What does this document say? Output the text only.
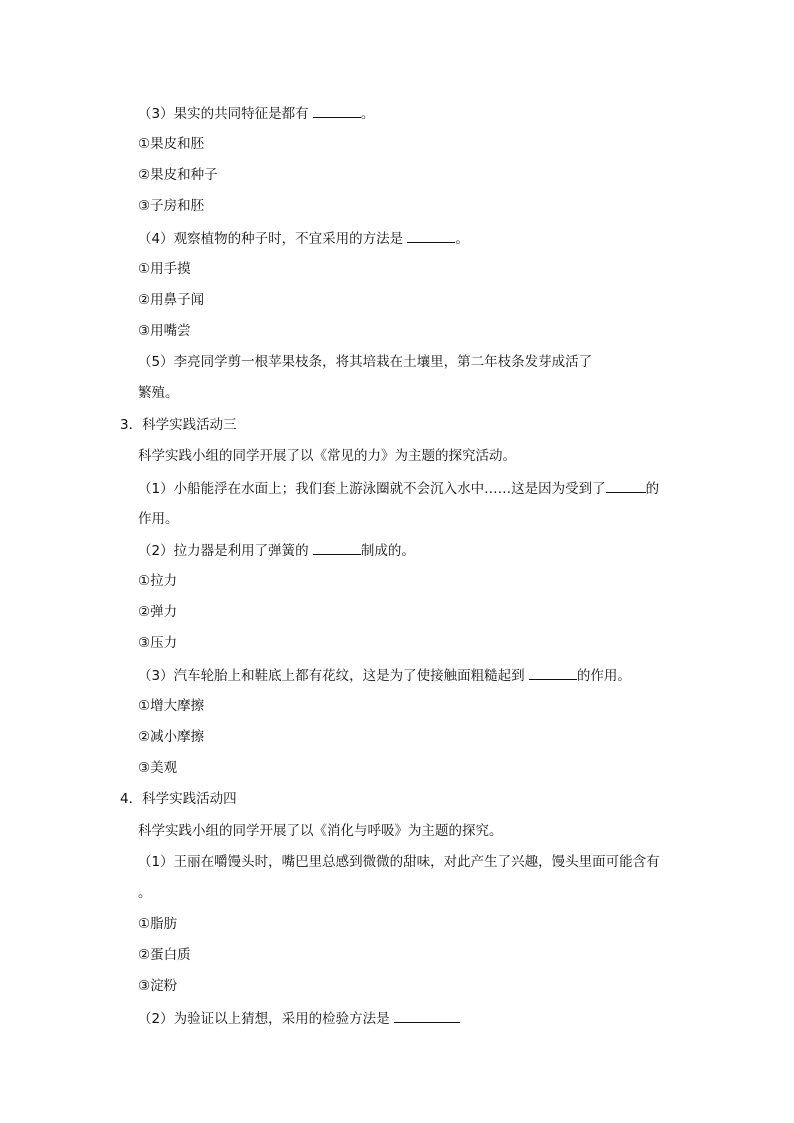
（3）果实的共同特征是都有	。
①果皮和胚
②果皮和种子
③子房和胚
（4）观察植物的种子时，不宜采用的方法是	。
①用手摸
②用鼻子闻
③用嘴尝
（5）李亮同学剪一根苹果枝条，将其培栽在土壤里，第二年枝条发芽成活了
繁殖。
3．科学实践活动三
科学实践小组的同学开展了以《常见的力》为主题的探究活动。
（1）小船能浮在水面上；我们套上游泳圈就不会沉入水中……这是因为受到了	的
作用。
（2）拉力器是利用了弹簧的	制成的。
①拉力
②弹力
③压力
（3）汽车轮胎上和鞋底上都有花纹，这是为了使接触面粗糙起到	的作用。
①增大摩擦
②减小摩擦
③美观
4．科学实践活动四
科学实践小组的同学开展了以《消化与呼吸》为主题的探究。
（1）王丽在嚼馒头时，嘴巴里总感到微微的甜味，对此产生了兴趣，馒头里面可能含有
。
①脂肪
②蛋白质
③淀粉
（2）为验证以上猜想，采用的检验方法是
